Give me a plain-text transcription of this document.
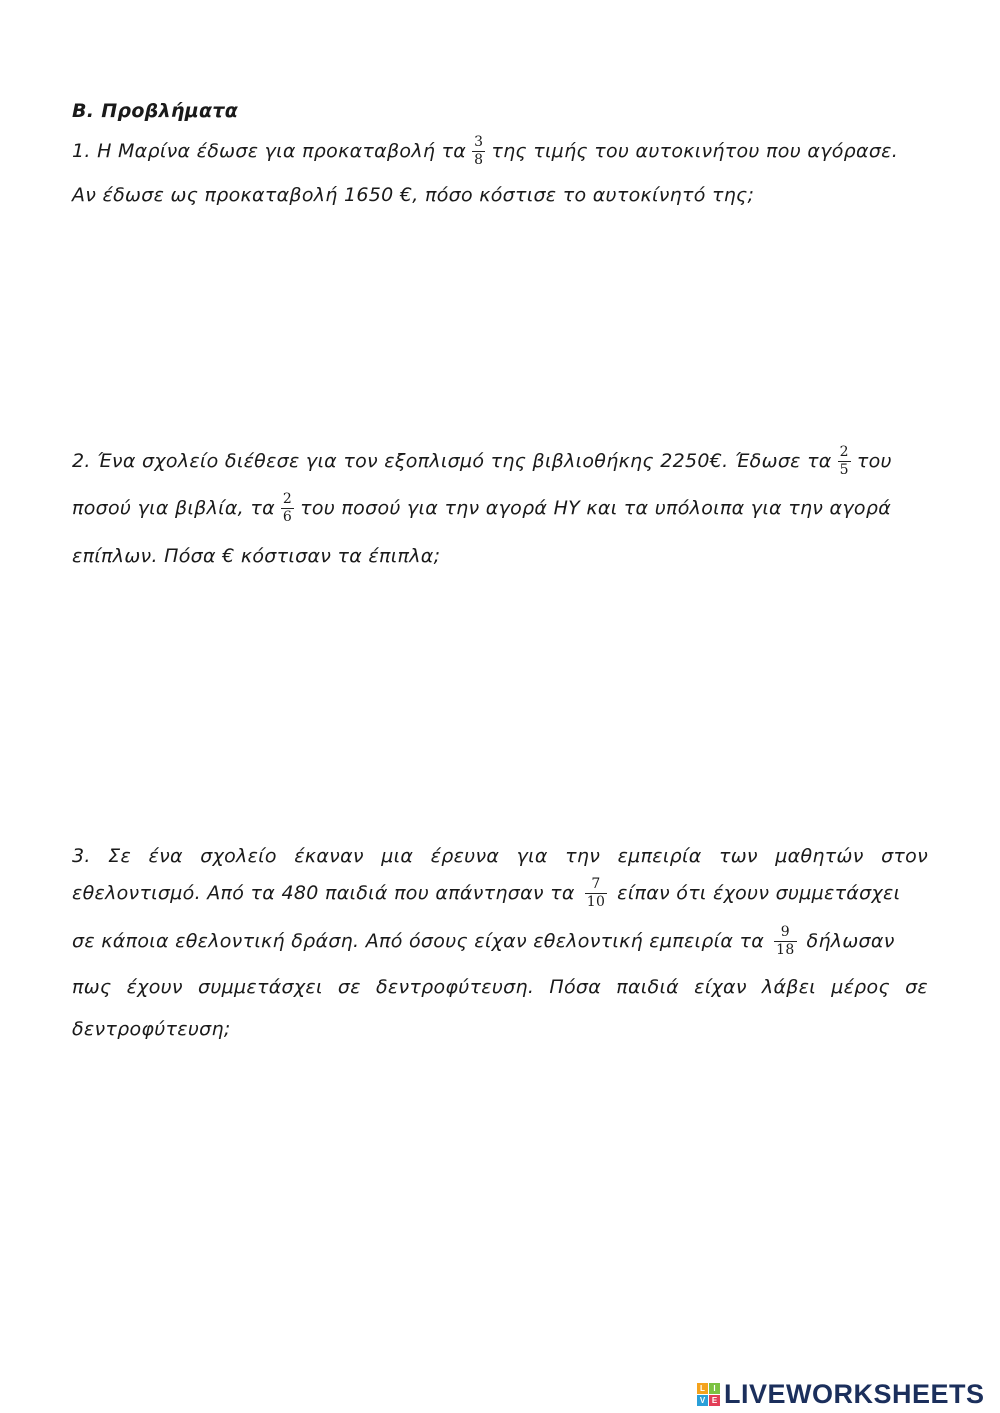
Β. Προβλήματα
1. Η Μαρίνα έδωσε για προκαταβολή τα $\frac{3}{8}$ της τιμής του αυτοκινήτου που αγόρασε.
Αν έδωσε ως προκαταβολή 1650 €, πόσο κόστισε το αυτοκίνητό της;
2. Ένα σχολείο διέθεσε για τον εξοπλισμό της βιβλιοθήκης 2250€. Έδωσε τα $\frac{2}{5}$ του
ποσού για βιβλία, τα $\frac{2}{6}$ του ποσού για την αγορά ΗΥ και τα υπόλοιπα για την αγορά
επίπλων. Πόσα € κόστισαν τα έπιπλα;
3. Σε ένα σχολείο έκαναν μια έρευνα για την εμπειρία των μαθητών στον
εθελοντισμό. Από τα 480 παιδιά που απάντησαν τα $\frac{7}{10}$ είπαν ότι έχουν συμμετάσχει
σε κάποια εθελοντική δράση. Από όσους είχαν εθελοντική εμπειρία τα $\frac{9}{18}$ δήλωσαν
πως έχουν συμμετάσχει σε δεντροφύτευση. Πόσα παιδιά είχαν λάβει μέρος σε
δεντροφύτευση;
L	I
V E LIVEWORKSHEETS
